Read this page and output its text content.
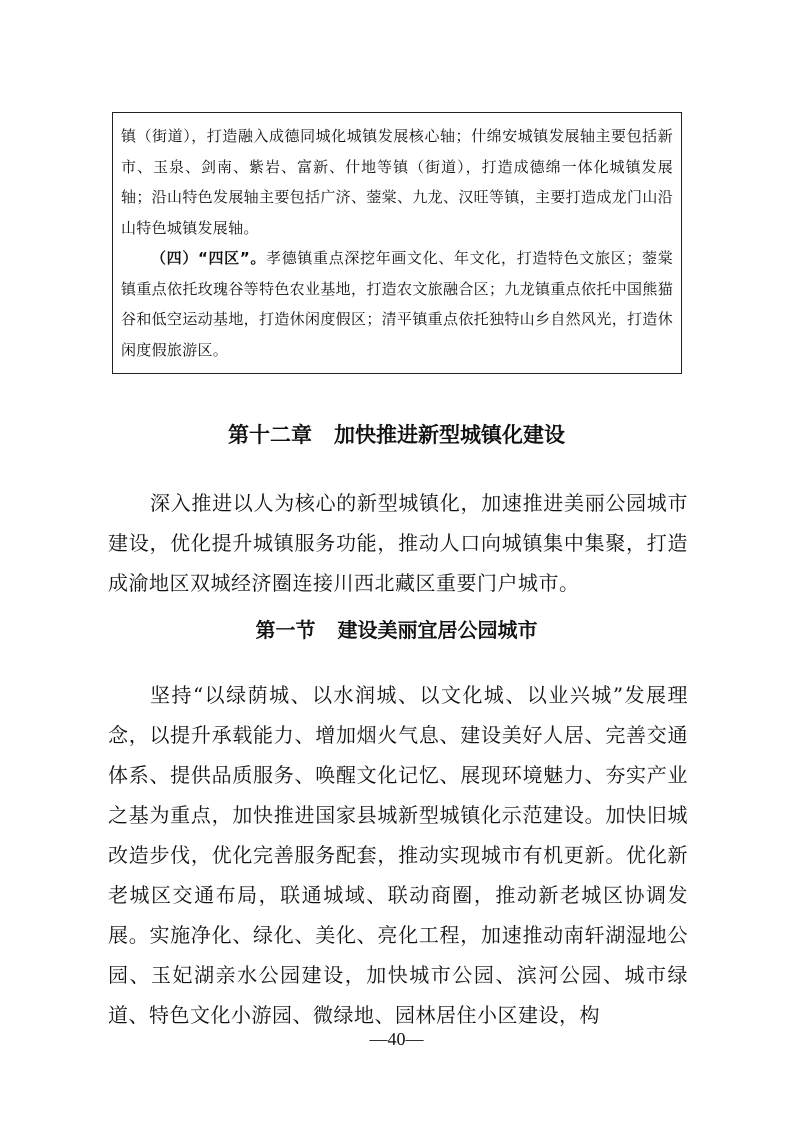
镇（街道），打造融入成德同城化城镇发展核心轴；什绵安城镇发展轴主要包括新市、玉泉、剑南、紫岩、富新、什地等镇（街道），打造成德绵一体化城镇发展轴；沿山特色发展轴主要包括广济、蓥棠、九龙、汉旺等镇，主要打造成龙门山沿山特色城镇发展轴。

（四）“四区”。孝德镇重点深挖年画文化、年文化，打造特色文旅区；蓥棠镇重点依托玫瑰谷等特色农业基地，打造农文旅融合区；九龙镇重点依托中国熊猫谷和低空运动基地，打造休闲度假区；清平镇重点依托独特山乡自然风光，打造休闲度假旅游区。

第十二章 加快推进新型城镇化建设

深入推进以人为核心的新型城镇化，加速推进美丽公园城市建设，优化提升城镇服务功能，推动人口向城镇集中集聚，打造成渝地区双城经济圈连接川西北藏区重要门户城市。

第一节 建设美丽宜居公园城市

坚持“以绿荫城、以水润城、以文化城、以业兴城”发展理念，以提升承载能力、增加烟火气息、建设美好人居、完善交通体系、提供品质服务、唤醒文化记忆、展现环境魅力、夯实产业之基为重点，加快推进国家县城新型城镇化示范建设。加快旧城改造步伐，优化完善服务配套，推动实现城市有机更新。优化新老城区交通布局，联通城域、联动商圈，推动新老城区协调发展。实施净化、绿化、美化、亮化工程，加速推动南轩湖湿地公园、玉妃湖亲水公园建设，加快城市公园、滨河公园、城市绿道、特色文化小游园、微绿地、园林居住小区建设，构

—40—
